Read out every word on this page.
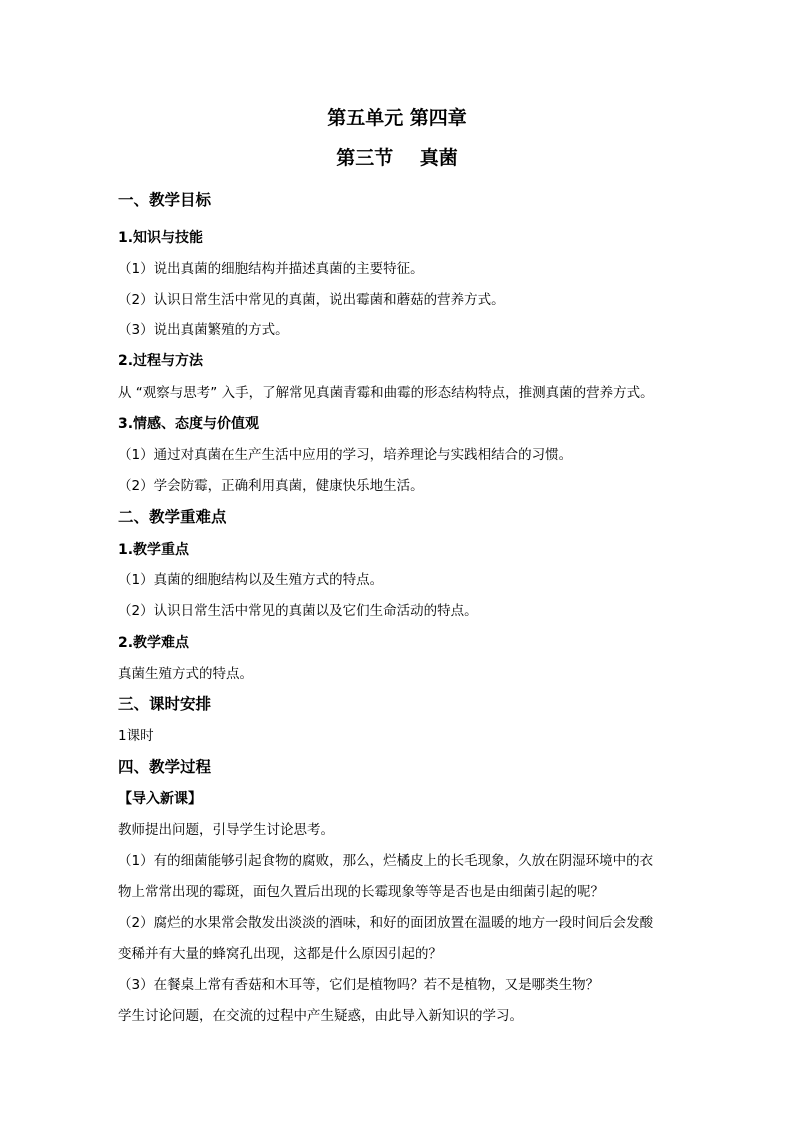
第五单元 第四章
第三节    真菌
一、教学目标
1.知识与技能
（1）说出真菌的细胞结构并描述真菌的主要特征。
（2）认识日常生活中常见的真菌，说出霉菌和蘑菇的营养方式。
（3）说出真菌繁殖的方式。
2.过程与方法
从 “观察与思考” 入手，了解常见真菌青霉和曲霉的形态结构特点，推测真菌的营养方式。
3.情感、态度与价值观
（1）通过对真菌在生产生活中应用的学习，培养理论与实践相结合的习惯。
（2）学会防霉，正确利用真菌，健康快乐地生活。
二、教学重难点
1.教学重点
（1）真菌的细胞结构以及生殖方式的特点。
（2）认识日常生活中常见的真菌以及它们生命活动的特点。
2.教学难点
真菌生殖方式的特点。
三、课时安排
1课时
四、教学过程
【导入新课】
教师提出问题，引导学生讨论思考。
（1）有的细菌能够引起食物的腐败，那么，烂橘皮上的长毛现象，久放在阴湿环境中的衣
物上常常出现的霉斑，面包久置后出现的长霉现象等等是否也是由细菌引起的呢？
（2）腐烂的水果常会散发出淡淡的酒味，和好的面团放置在温暖的地方一段时间后会发酸
变稀并有大量的蜂窝孔出现，这都是什么原因引起的？
（3）在餐桌上常有香菇和木耳等，它们是植物吗？若不是植物，又是哪类生物？
学生讨论问题，在交流的过程中产生疑惑，由此导入新知识的学习。
